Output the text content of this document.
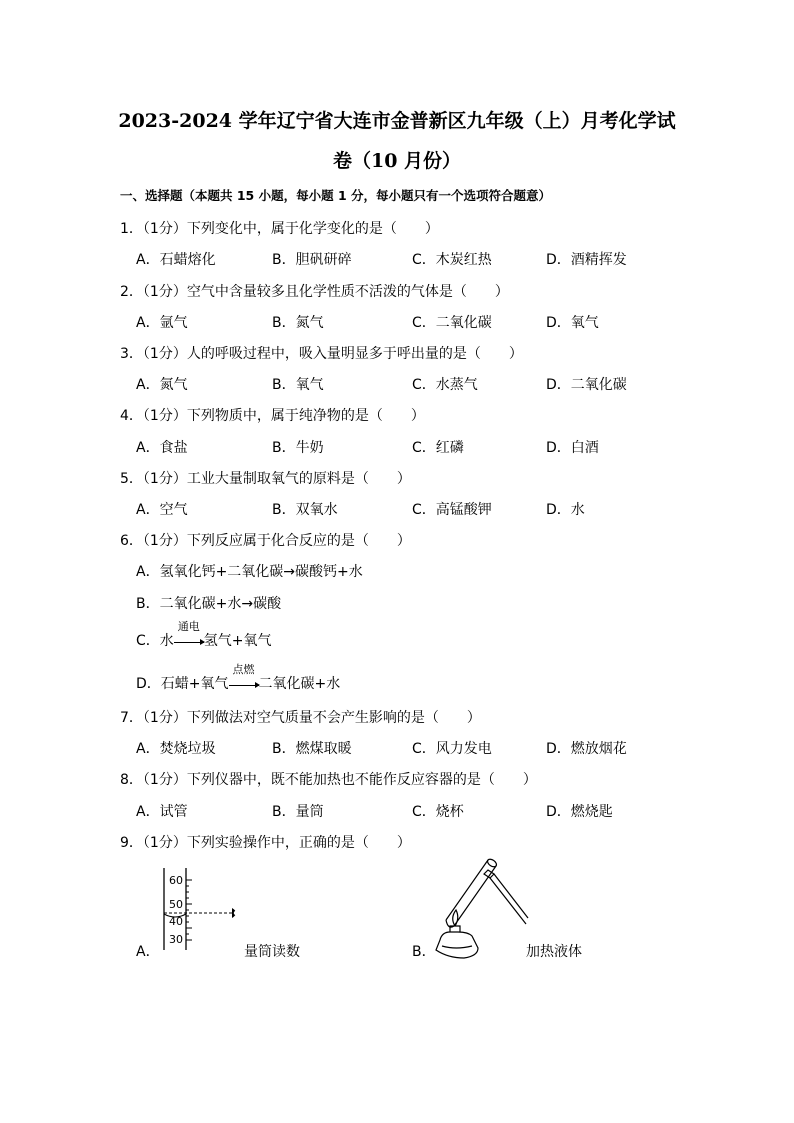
2023-2024 学年辽宁省大连市金普新区九年级（上）月考化学试
卷（10 月份）
一、选择题（本题共 15 小题，每小题 1 分，每小题只有一个选项符合题意）
1．（1分）下列变化中，属于化学变化的是（　　）
A．石蜡熔化	B．胆矾研碎	C．木炭红热	D．酒精挥发
2．（1分）空气中含量较多且化学性质不活泼的气体是（　　）
A．氩气	B．氮气	C．二氧化碳	D．氧气
3．（1分）人的呼吸过程中，吸入量明显多于呼出量的是（　　）
A．氮气	B．氧气	C．水蒸气	D．二氧化碳
4．（1分）下列物质中，属于纯净物的是（　　）
A．食盐	B．牛奶	C．红磷	D．白酒
5．（1分）工业大量制取氧气的原料是（　　）
A．空气	B．双氧水	C．高锰酸钾	D．水
6．（1分）下列反应属于化合反应的是（　　）
A．氢氧化钙+二氧化碳→碳酸钙+水
B．二氧化碳+水→碳酸
C．水
通电
氢气+氧气
D．石蜡+氧气
点燃
二氧化碳+水
7．（1分）下列做法对空气质量不会产生影响的是（　　）
A．焚烧垃圾	B．燃煤取暖	C．风力发电	D．燃放烟花
8．（1分）下列仪器中，既不能加热也不能作反应容器的是（　　）
A．试管	B．量筒	C．烧杯	D．燃烧匙
9．（1分）下列实验操作中，正确的是（　　）
A．
60
50
40
30
量筒读数	B．	加热液体
